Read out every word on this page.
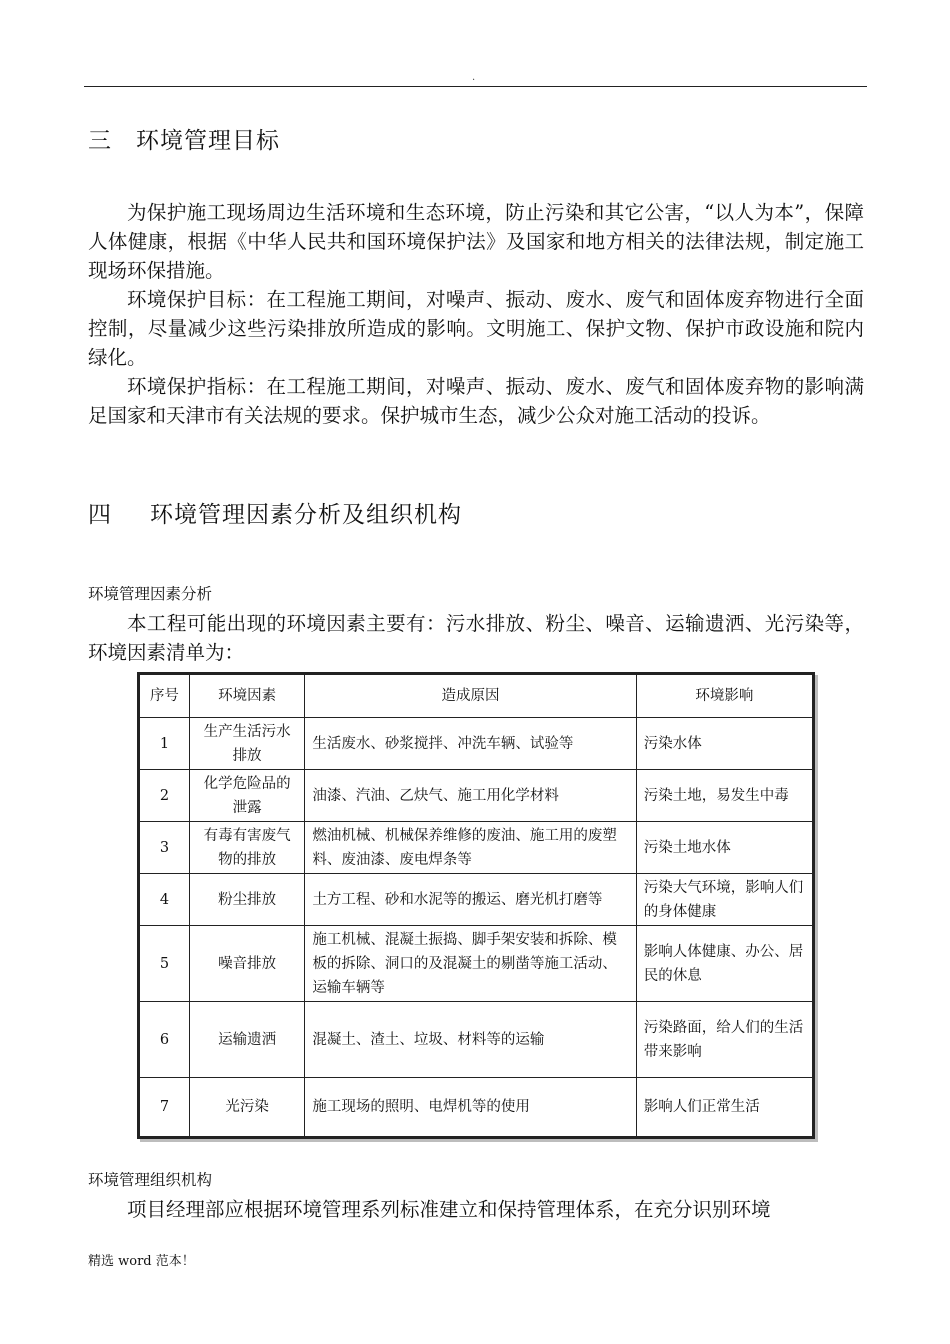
.
三 环境管理目标
为保护施工现场周边生活环境和生态环境，防止污染和其它公害，“以人为本”，保障人体健康，根据《中华人民共和国环境保护法》及国家和地方相关的法律法规，制定施工现场环保措施。
环境保护目标：在工程施工期间，对噪声、振动、废水、废气和固体废弃物进行全面控制，尽量减少这些污染排放所造成的影响。文明施工、保护文物、保护市政设施和院内绿化。
环境保护指标：在工程施工期间，对噪声、振动、废水、废气和固体废弃物的影响满足国家和天津市有关法规的要求。保护城市生态，减少公众对施工活动的投诉。
四 环境管理因素分析及组织机构
环境管理因素分析
本工程可能出现的环境因素主要有：污水排放、粉尘、噪音、运输遗洒、光污染等，环境因素清单为：
序号	环境因素	造成原因	环境影响
1	生产生活污水排放	生活废水、砂浆搅拌、冲洗车辆、试验等	污染水体
2	化学危险品的泄露	油漆、汽油、乙炔气、施工用化学材料	污染土地，易发生中毒
3	有毒有害废气物的排放	燃油机械、机械保养维修的废油、施工用的废塑料、废油漆、废电焊条等	污染土地水体
4	粉尘排放	土方工程、砂和水泥等的搬运、磨光机打磨等	污染大气环境，影响人们的身体健康
5	噪音排放	施工机械、混凝土振捣、脚手架安装和拆除、模板的拆除、洞口的及混凝土的剔凿等施工活动、运输车辆等	影响人体健康、办公、居民的休息
6	运输遗洒	混凝土、渣土、垃圾、材料等的运输	污染路面，给人们的生活带来影响
7	光污染	施工现场的照明、电焊机等的使用	影响人们正常生活
环境管理组织机构
项目经理部应根据环境管理系列标准建立和保持管理体系，在充分识别环境
精选 word 范本！
